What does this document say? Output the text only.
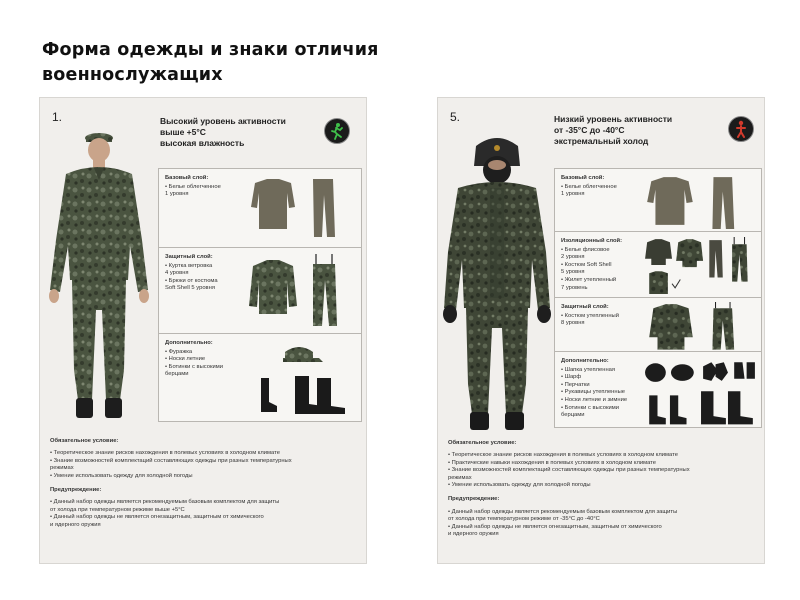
Форма одежды и знаки отличия военнослужащих
1.	Высокий уровень активности
выше +5°С
высокая влажность
Базовый слой:
• Белье облегченное
1 уровня
Защитный слой:
• Куртка ветровка
4 уровня
• Брюки от костюма
Soft Shell 5 уровня
Дополнительно:
• Фуражка
• Носки летние
• Ботинки с высокими
берцами
Обязательное условие:
• Теоретическое знание рисков нахождения в полевых условиях в холодном климате
• Знание возможностей комплектаций составляющих одежды при разных температурных
режимах
• Умение использовать одежду для холодной погоды
Предупреждение:
• Данный набор одежды является рекомендуемым базовым комплектом для защиты
от холода при температурном режиме выше +5°С
• Данный набор одежды не является огнезащитным, защитным от химического
и ядерного оружия
5.	Низкий уровень активности
от -35°С до -40°С
экстремальный холод
Базовый слой:
• Белье облегченное
1 уровня
Изоляционный слой:
• Белье флисовое
2 уровня
• Костюм Soft Shell
5 уровня
• Жилет утепленный
7 уровень
Защитный слой:
• Костюм утепленный
8 уровня
Дополнительно:
• Шапка утепленная
• Шарф
• Перчатки
• Рукавицы утепленные
• Носки летние и зимние
• Ботинки с высокими
берцами
Обязательное условие:
• Теоретическое знание рисков нахождения в полевых условиях в холодном климате
• Практические навыки нахождения в полевых условиях в холодном климате
• Знание возможностей комплектаций составляющих одежды при разных температурных
режимах
• Умение использовать одежду для холодной погоды
Предупреждение:
• Данный набор одежды является рекомендуемым базовым комплектом для защиты
от холода при температурном режиме от -35°С до -40°С
• Данный набор одежды не является огнезащитным, защитным от химического
и ядерного оружия
